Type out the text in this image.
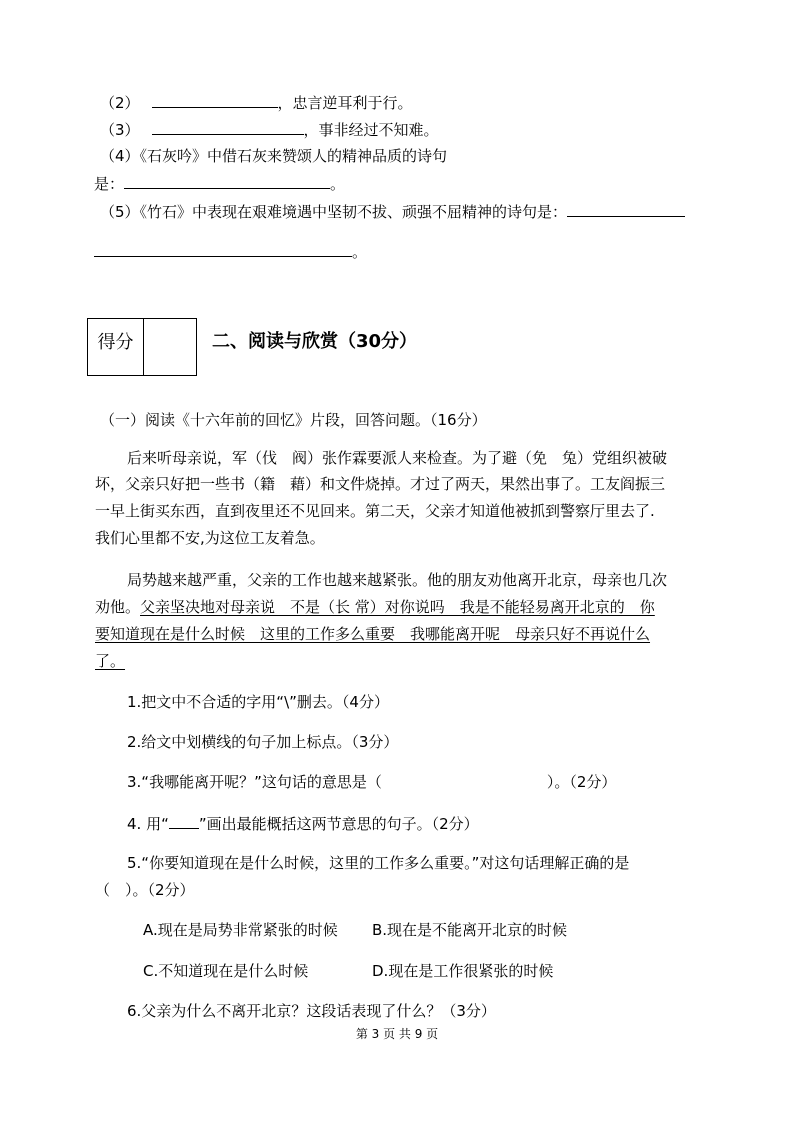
（2）	，忠言逆耳利于行。
（3）	，事非经过不知难。
（4）《石灰吟》中借石灰来赞颂人的精神品质的诗句
是：	。
（5）《竹石》中表现在艰难境遇中坚韧不拔、顽强不屈精神的诗句是：
。
得分	二、阅读与欣赏（30分）
（一）阅读《十六年前的回忆》片段，回答问题。（16分）
后来听母亲说，军（伐　阀）张作霖要派人来检查。为了避（免　兔）党组织被破
坏，父亲只好把一些书（籍　藉）和文件烧掉。才过了两天，果然出事了。工友阎振三
一早上街买东西，直到夜里还不见回来。第二天，父亲才知道他被抓到警察厅里去了.
我们心里都不安,为这位工友着急。
局势越来越严重，父亲的工作也越来越紧张。他的朋友劝他离开北京，母亲也几次
劝他。父亲坚决地对母亲说　不是（长 常）对你说吗　我是不能轻易离开北京的　你
要知道现在是什么时候　这里的工作多么重要　我哪能离开呢　母亲只好不再说什么
了。
1.把文中不合适的字用“\”删去。（4分）
2.给文中划横线的句子加上标点。（3分）
3.“我哪能离开呢？”这句话的意思是（　　　　　　　　　　　）。（2分）
4. 用“ ”画出最能概括这两节意思的句子。（2分）
5.“你要知道现在是什么时候，这里的工作多么重要。”对这句话理解正确的是
（　）。（2分）
A.现在是局势非常紧张的时候 B.现在是不能离开北京的时候
C.不知道现在是什么时候	D.现在是工作很紧张的时候
6.父亲为什么不离开北京？这段话表现了什么？（3分）
第 3 页 共 9 页
